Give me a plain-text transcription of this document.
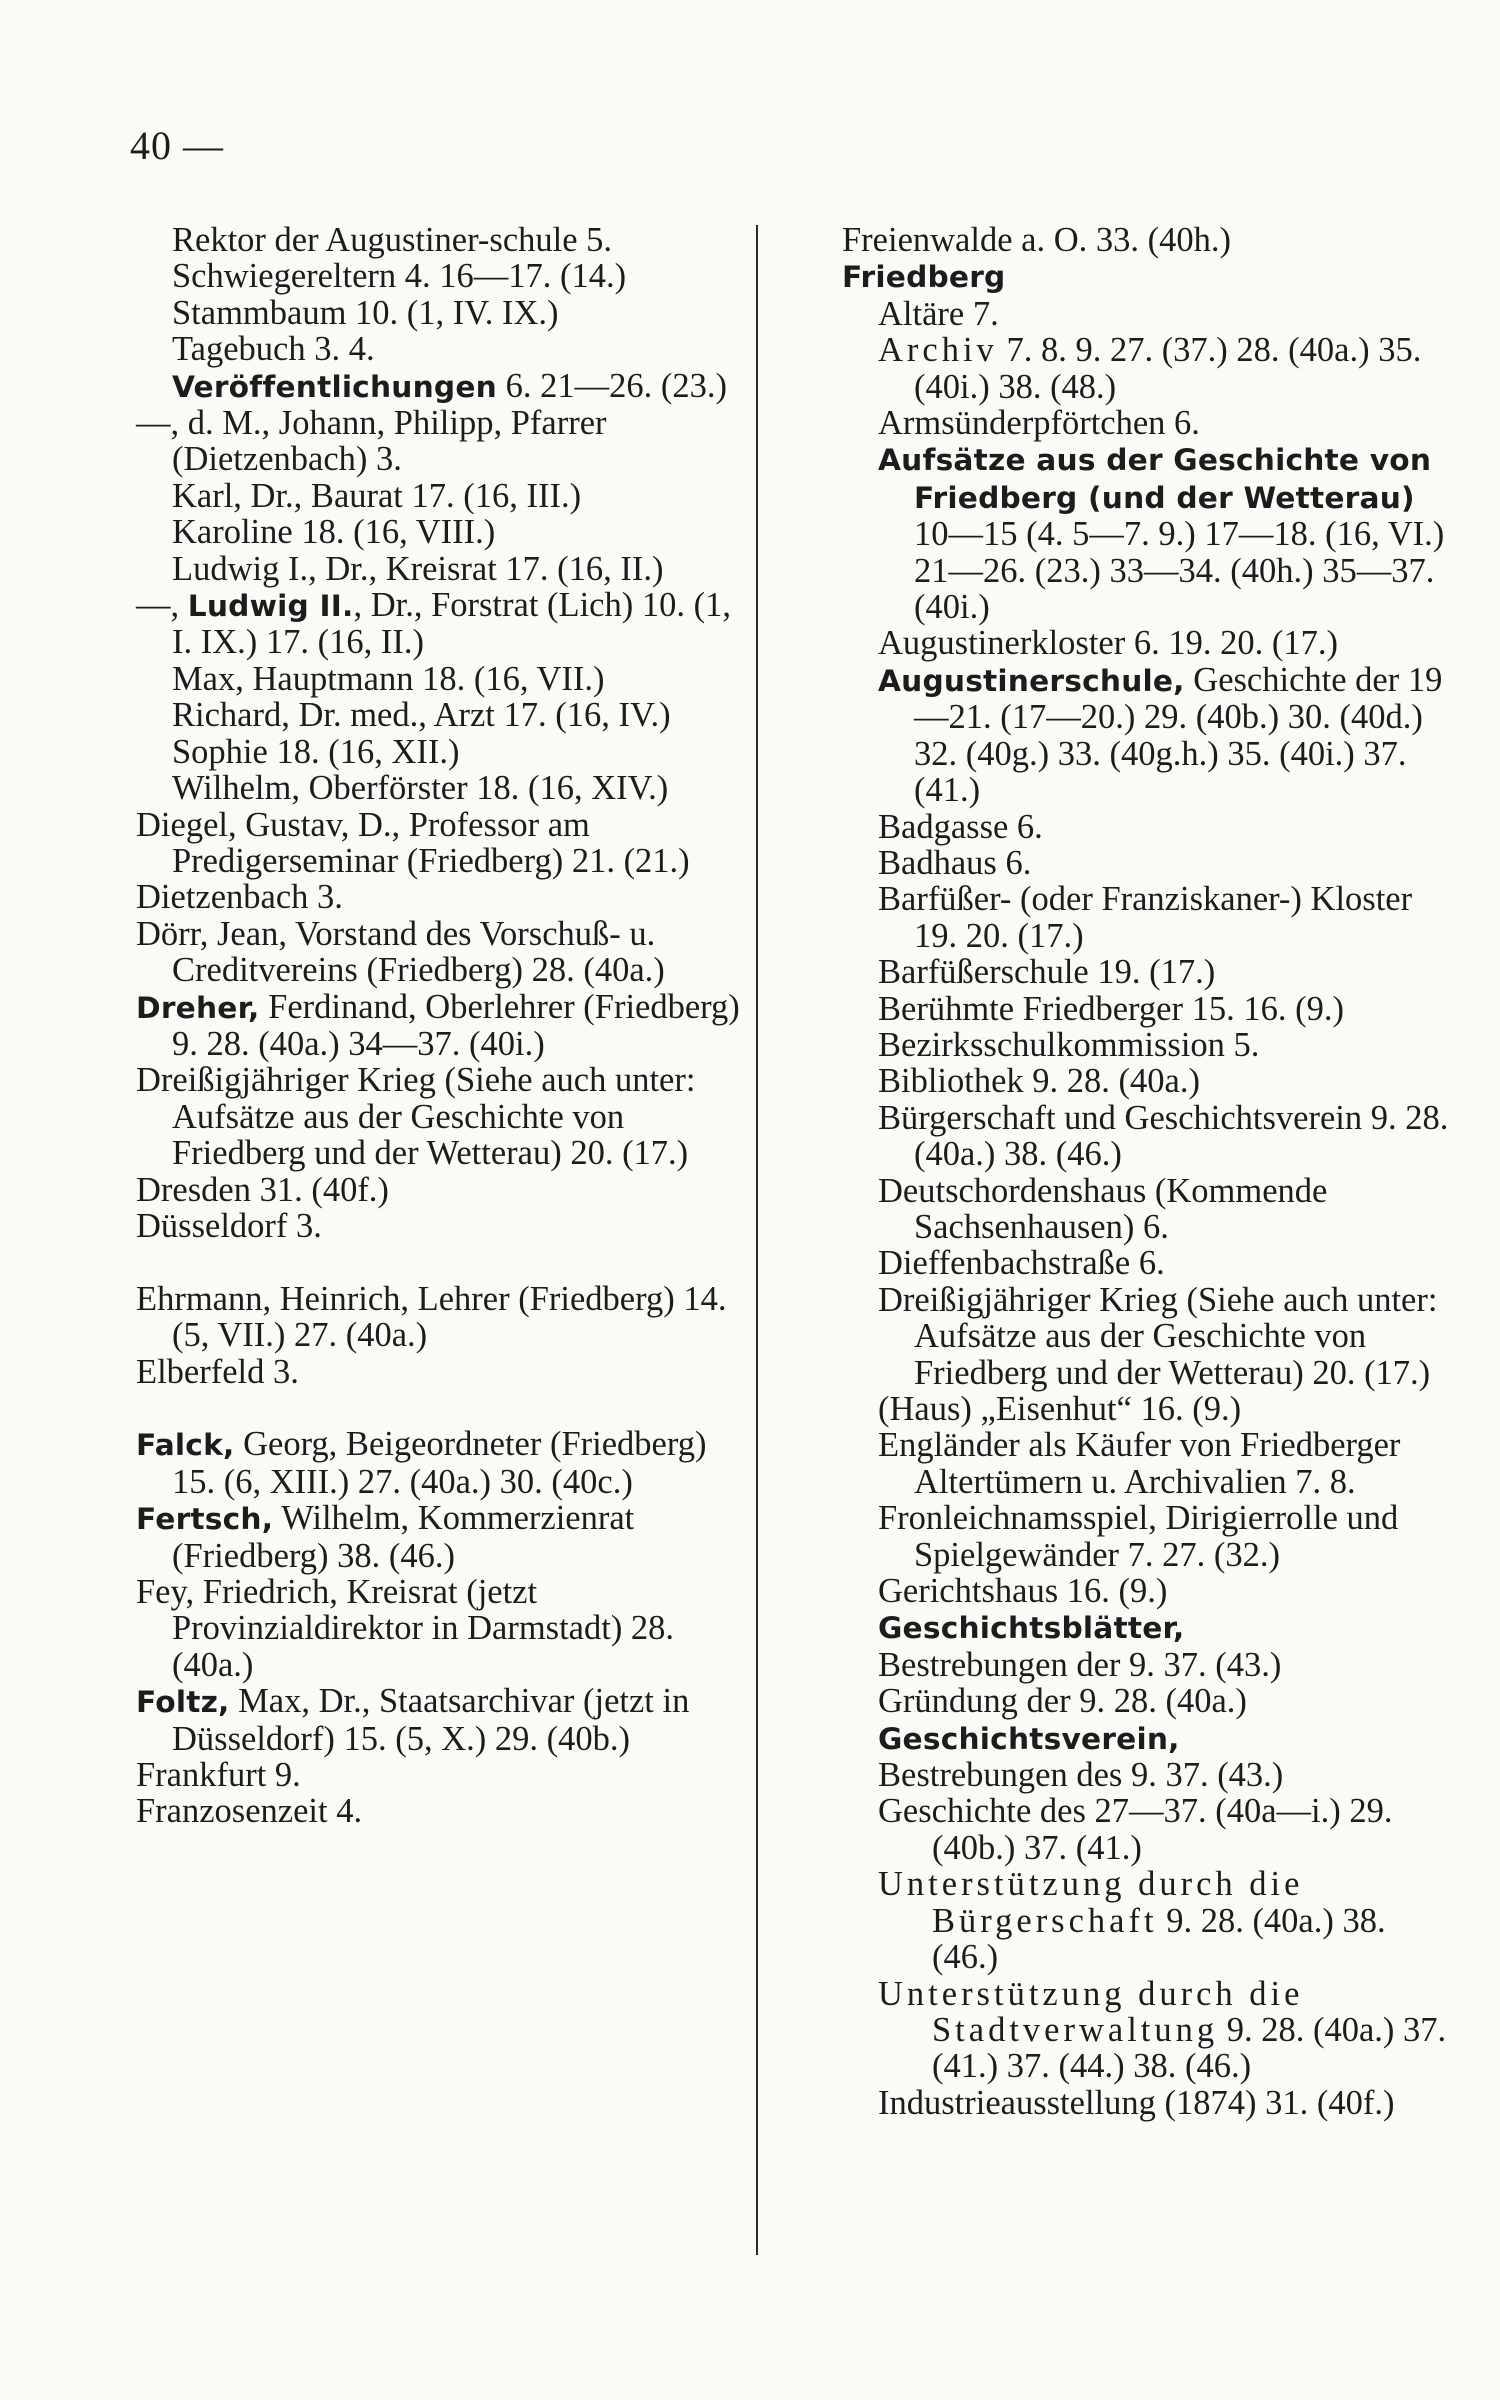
40 —
Rektor der Augustiner-schule 5.
Schwiegereltern 4. 16—17. (14.)
Stammbaum 10. (1, IV. IX.)
Tagebuch 3. 4.
Veröffentlichungen 6. 21—26. (23.)
—, d. M., Johann, Philipp, Pfarrer (Dietzenbach) 3.
Karl, Dr., Baurat 17. (16, III.)
Karoline 18. (16, VIII.)
Ludwig I., Dr., Kreisrat 17. (16, II.)
—, Ludwig II., Dr., Forstrat (Lich) 10. (1, I. IX.) 17. (16, II.)
Max, Hauptmann 18. (16, VII.)
Richard, Dr. med., Arzt 17. (16, IV.)
Sophie 18. (16, XII.)
Wilhelm, Oberförster 18. (16, XIV.)
Diegel, Gustav, D., Professor am Predigerseminar (Friedberg) 21. (21.)
Dietzenbach 3.
Dörr, Jean, Vorstand des Vorschuß- u. Creditvereins (Friedberg) 28. (40a.)
Dreher, Ferdinand, Oberlehrer (Friedberg) 9. 28. (40a.) 34—37. (40i.)
Dreißigjähriger Krieg (Siehe auch unter: Aufsätze aus der Geschichte von Friedberg und der Wetterau) 20. (17.)
Dresden 31. (40f.)
Düsseldorf 3.
Ehrmann, Heinrich, Lehrer (Friedberg) 14. (5, VII.) 27. (40a.)
Elberfeld 3.
Falck, Georg, Beigeordneter (Friedberg) 15. (6, XIII.) 27. (40a.) 30. (40c.)
Fertsch, Wilhelm, Kommerzienrat (Friedberg) 38. (46.)
Fey, Friedrich, Kreisrat (jetzt Provinzialdirektor in Darmstadt) 28. (40a.)
Foltz, Max, Dr., Staatsarchivar (jetzt in Düsseldorf) 15. (5, X.) 29. (40b.)
Frankfurt 9.
Franzosenzeit 4.
Freienwalde a. O. 33. (40h.)
Friedberg
Altäre 7.
Archiv 7. 8. 9. 27. (37.) 28. (40a.) 35. (40i.) 38. (48.)
Armsünderpförtchen 6.
Aufsätze aus der Geschichte von Friedberg (und der Wetterau) 10—15 (4. 5—7. 9.) 17—18. (16, VI.) 21—26. (23.) 33—34. (40h.) 35—37. (40i.)
Augustinerkloster 6. 19. 20. (17.)
Augustinerschule, Geschichte der 19—21. (17—20.) 29. (40b.) 30. (40d.) 32. (40g.) 33. (40g.h.) 35. (40i.) 37. (41.)
Badgasse 6.
Badhaus 6.
Barfüßer- (oder Franziskaner-) Kloster 19. 20. (17.)
Barfüßerschule 19. (17.)
Berühmte Friedberger 15. 16. (9.)
Bezirksschulkommission 5.
Bibliothek 9. 28. (40a.)
Bürgerschaft und Geschichtsverein 9. 28. (40a.) 38. (46.)
Deutschordenshaus (Kommende Sachsenhausen) 6.
Dieffenbachstraße 6.
Dreißigjähriger Krieg (Siehe auch unter: Aufsätze aus der Geschichte von Friedberg und der Wetterau) 20. (17.)
(Haus) „Eisenhut“ 16. (9.)
Engländer als Käufer von Friedberger Altertümern u. Archivalien 7. 8.
Fronleichnamsspiel, Dirigierrolle und Spielgewänder 7. 27. (32.)
Gerichtshaus 16. (9.)
Geschichtsblätter,
Bestrebungen der 9. 37. (43.)
Gründung der 9. 28. (40a.)
Geschichtsverein,
Bestrebungen des 9. 37. (43.)
Geschichte des 27—37. (40a—i.) 29. (40b.) 37. (41.)
Unterstützung durch die Bürgerschaft 9. 28. (40a.) 38. (46.)
Unterstützung durch die Stadtverwaltung 9. 28. (40a.) 37. (41.) 37. (44.) 38. (46.)
Industrieausstellung (1874) 31. (40f.)
